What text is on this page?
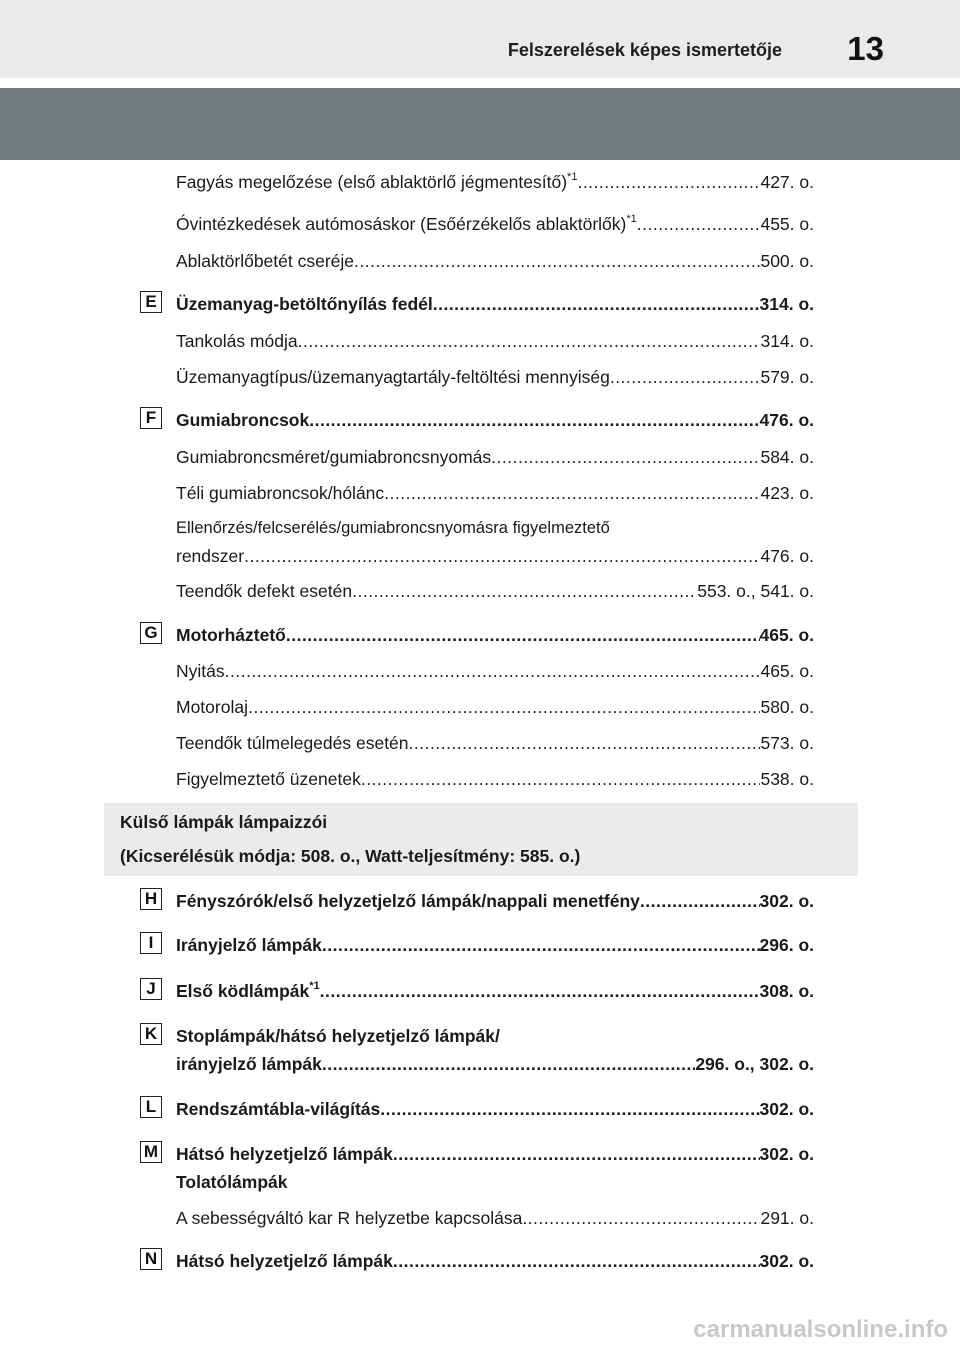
Felszerelések képes ismertetője 13
Fagyás megelőzése (első ablaktörlő jégmentesítő) *1 .....	427. o.
Óvintézkedések autómosáskor (Esőérzékelős ablaktörlők) *1 .....	455. o.
Ablaktörlőbetét cseréje .....	500. o.
E	Üzemanyag-betöltőnyílás fedél .....	314. o.
Tankolás módja .....	314. o.
Üzemanyagtípus/üzemanyagtartály-feltöltési mennyiség .....	579. o.
F	Gumiabroncsok .....	476. o.
Gumiabroncsméret/gumiabroncsnyomás .....	584. o.
Téli gumiabroncsok/hólánc .....	423. o.
Ellenőrzés/felcserélés/gumiabroncsnyomásra figyelmeztető
rendszer .....	476. o.
Teendők defekt esetén .....	553. o., 541. o.
G Motorháztető .....	465. o.
Nyitás .....	465. o.
Motorolaj .....	580. o.
Teendők túlmelegedés esetén .....	573. o.
Figyelmeztető üzenetek .....	538. o.
Külső lámpák lámpaizzói
(Kicserélésük módja: 508. o., Watt-teljesítmény: 585. o.)
H Fényszórók/első helyzetjelző lámpák/nappali menetfény .....	302. o.
I	Irányjelző lámpák .....	296. o.
J	Első ködlámpák *1 .....	308. o.
K Stoplámpák/hátsó helyzetjelző lámpák/
irányjelző lámpák .....	296. o., 302. o.
L	Rendszámtábla-világítás .....	302. o.
M Hátsó helyzetjelző lámpák .....	302. o.
Tolatólámpák
A sebességváltó kar R helyzetbe kapcsolása .....	291. o.
N Hátsó helyzetjelző lámpák .....	302. o.
carmanualsonline.info
